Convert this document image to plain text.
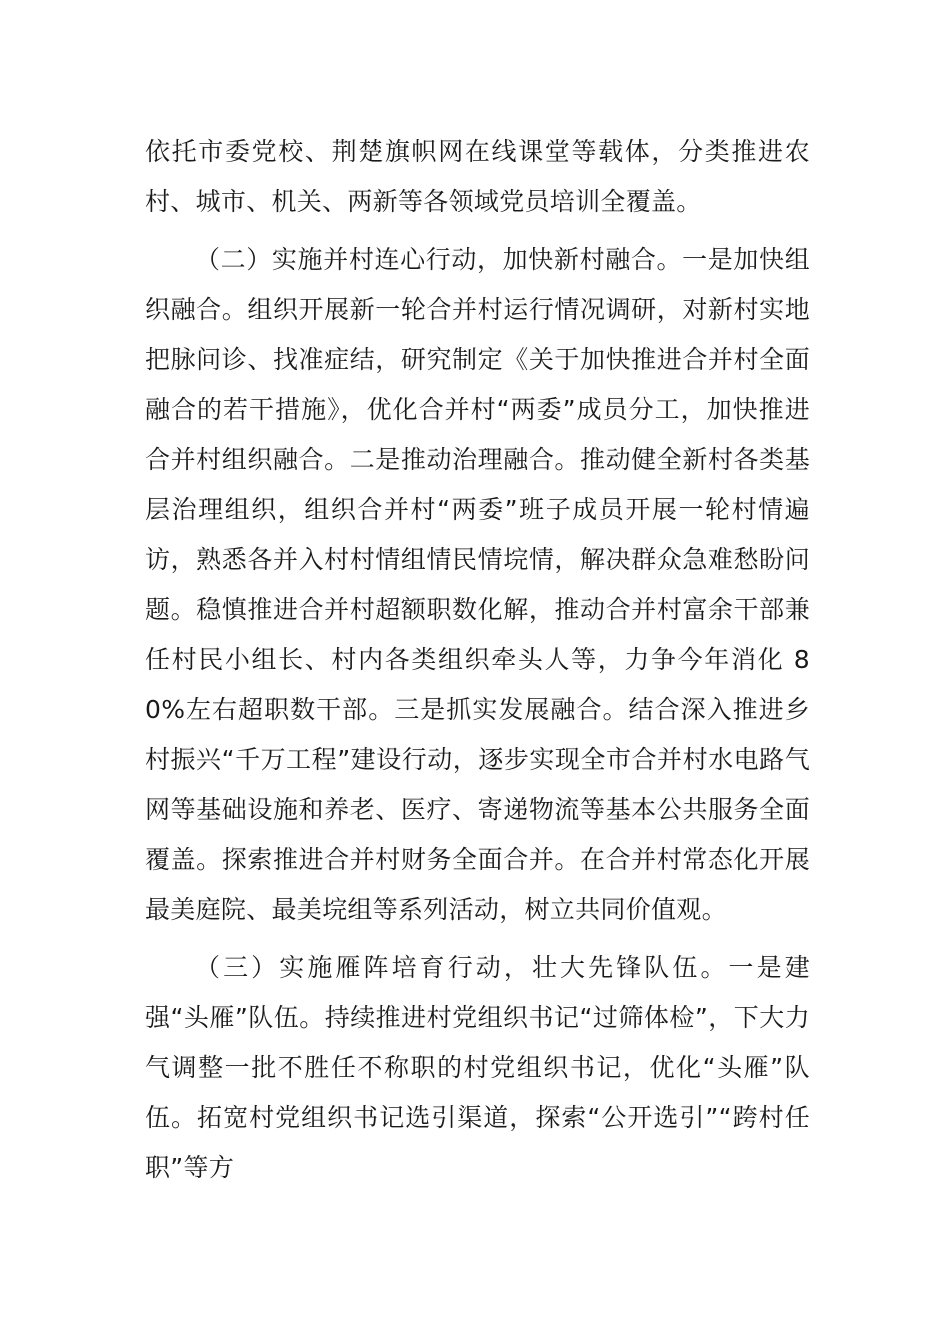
依托市委党校、荆楚旗帜网在线课堂等载体，分类推进农村、城市、机关、两新等各领域党员培训全覆盖。

（二）实施并村连心行动，加快新村融合。一是加快组织融合。组织开展新一轮合并村运行情况调研，对新村实地把脉问诊、找准症结，研究制定《关于加快推进合并村全面融合的若干措施》，优化合并村“两委”成员分工，加快推进合并村组织融合。二是推动治理融合。推动健全新村各类基层治理组织，组织合并村“两委”班子成员开展一轮村情遍访，熟悉各并入村村情组情民情垸情，解决群众急难愁盼问题。稳慎推进合并村超额职数化解，推动合并村富余干部兼任村民小组长、村内各类组织牵头人等，力争今年消化 80%左右超职数干部。三是抓实发展融合。结合深入推进乡村振兴“千万工程”建设行动，逐步实现全市合并村水电路气网等基础设施和养老、医疗、寄递物流等基本公共服务全面覆盖。探索推进合并村财务全面合并。在合并村常态化开展最美庭院、最美垸组等系列活动，树立共同价值观。

（三）实施雁阵培育行动，壮大先锋队伍。一是建强“头雁”队伍。持续推进村党组织书记“过筛体检”，下大力气调整一批不胜任不称职的村党组织书记，优化“头雁”队伍。拓宽村党组织书记选引渠道，探索“公开选引”“跨村任职”等方
